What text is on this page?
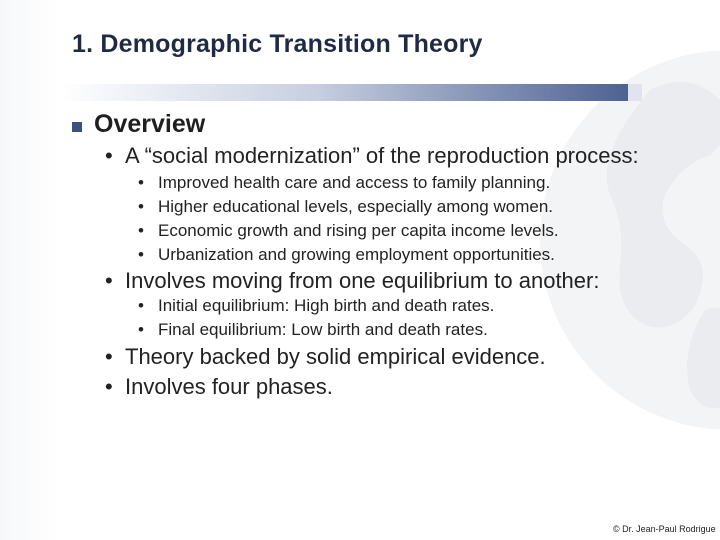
1. Demographic Transition Theory
Overview
• A “social modernization” of the reproduction process:
• Improved health care and access to family planning.
• Higher educational levels, especially among women.
• Economic growth and rising per capita income levels.
• Urbanization and growing employment opportunities.
• Involves moving from one equilibrium to another:
• Initial equilibrium: High birth and death rates.
• Final equilibrium: Low birth and death rates.
• Theory backed by solid empirical evidence.
• Involves four phases.
© Dr. Jean-Paul Rodrigue
